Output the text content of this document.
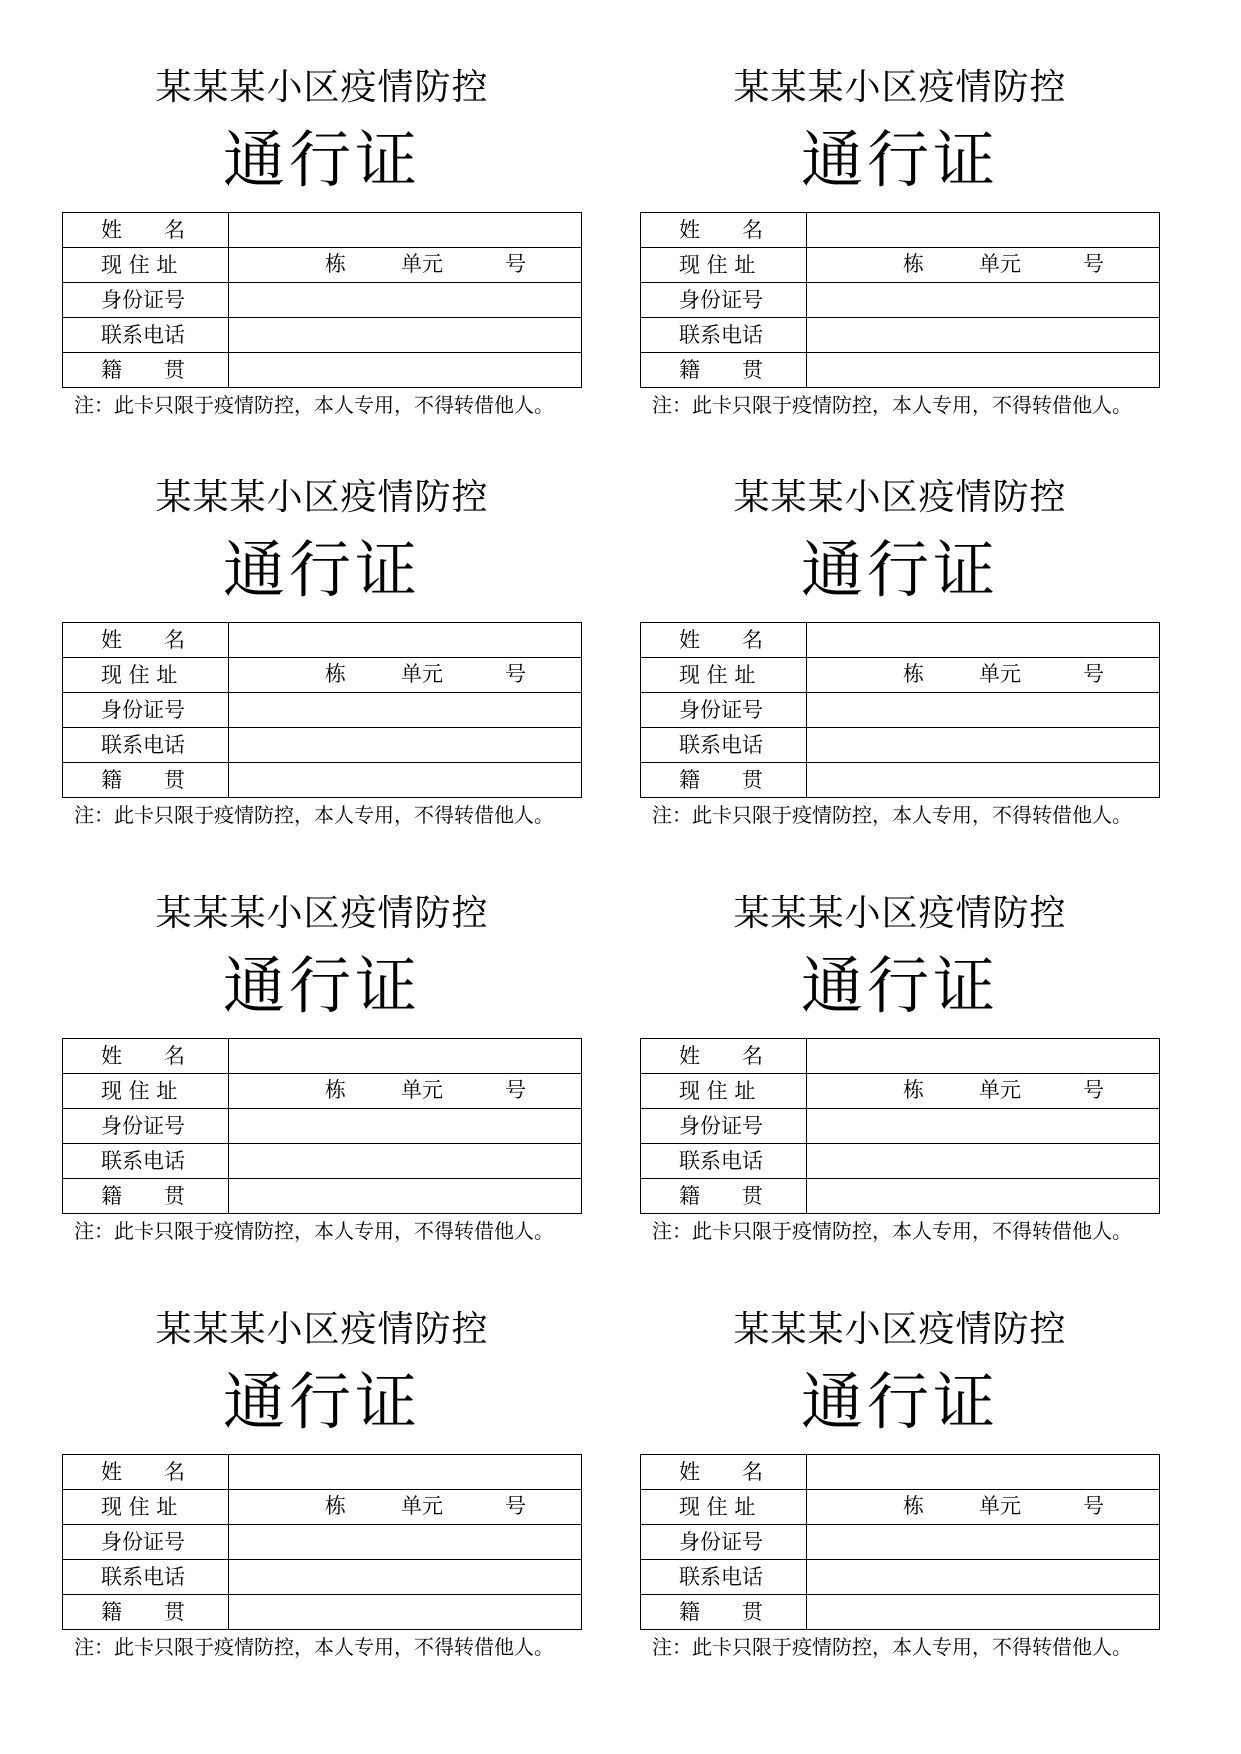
某某某小区疫情防控
通行证
姓　　名	
现 住 址	栋 单元 号

身份证号	
联系电话	
籍　　贯	
注：此卡只限于疫情防控，本人专用，不得转借他人。
某某某小区疫情防控
通行证
姓　　名	
现 住 址	栋 单元 号

身份证号	
联系电话	
籍　　贯	
注：此卡只限于疫情防控，本人专用，不得转借他人。
某某某小区疫情防控
通行证
姓　　名	
现 住 址	栋 单元 号

身份证号	
联系电话	
籍　　贯	
注：此卡只限于疫情防控，本人专用，不得转借他人。
某某某小区疫情防控
通行证
姓　　名	
现 住 址	栋 单元 号

身份证号	
联系电话	
籍　　贯	
注：此卡只限于疫情防控，本人专用，不得转借他人。
某某某小区疫情防控
通行证
姓　　名	
现 住 址	栋 单元 号

身份证号	
联系电话	
籍　　贯	
注：此卡只限于疫情防控，本人专用，不得转借他人。
某某某小区疫情防控
通行证
姓　　名	
现 住 址	栋 单元 号

身份证号	
联系电话	
籍　　贯	
注：此卡只限于疫情防控，本人专用，不得转借他人。
某某某小区疫情防控
通行证
姓　　名	
现 住 址	栋 单元 号

身份证号	
联系电话	
籍　　贯	
注：此卡只限于疫情防控，本人专用，不得转借他人。
某某某小区疫情防控
通行证
姓　　名	
现 住 址	栋 单元 号

身份证号	
联系电话	
籍　　贯	
注：此卡只限于疫情防控，本人专用，不得转借他人。
